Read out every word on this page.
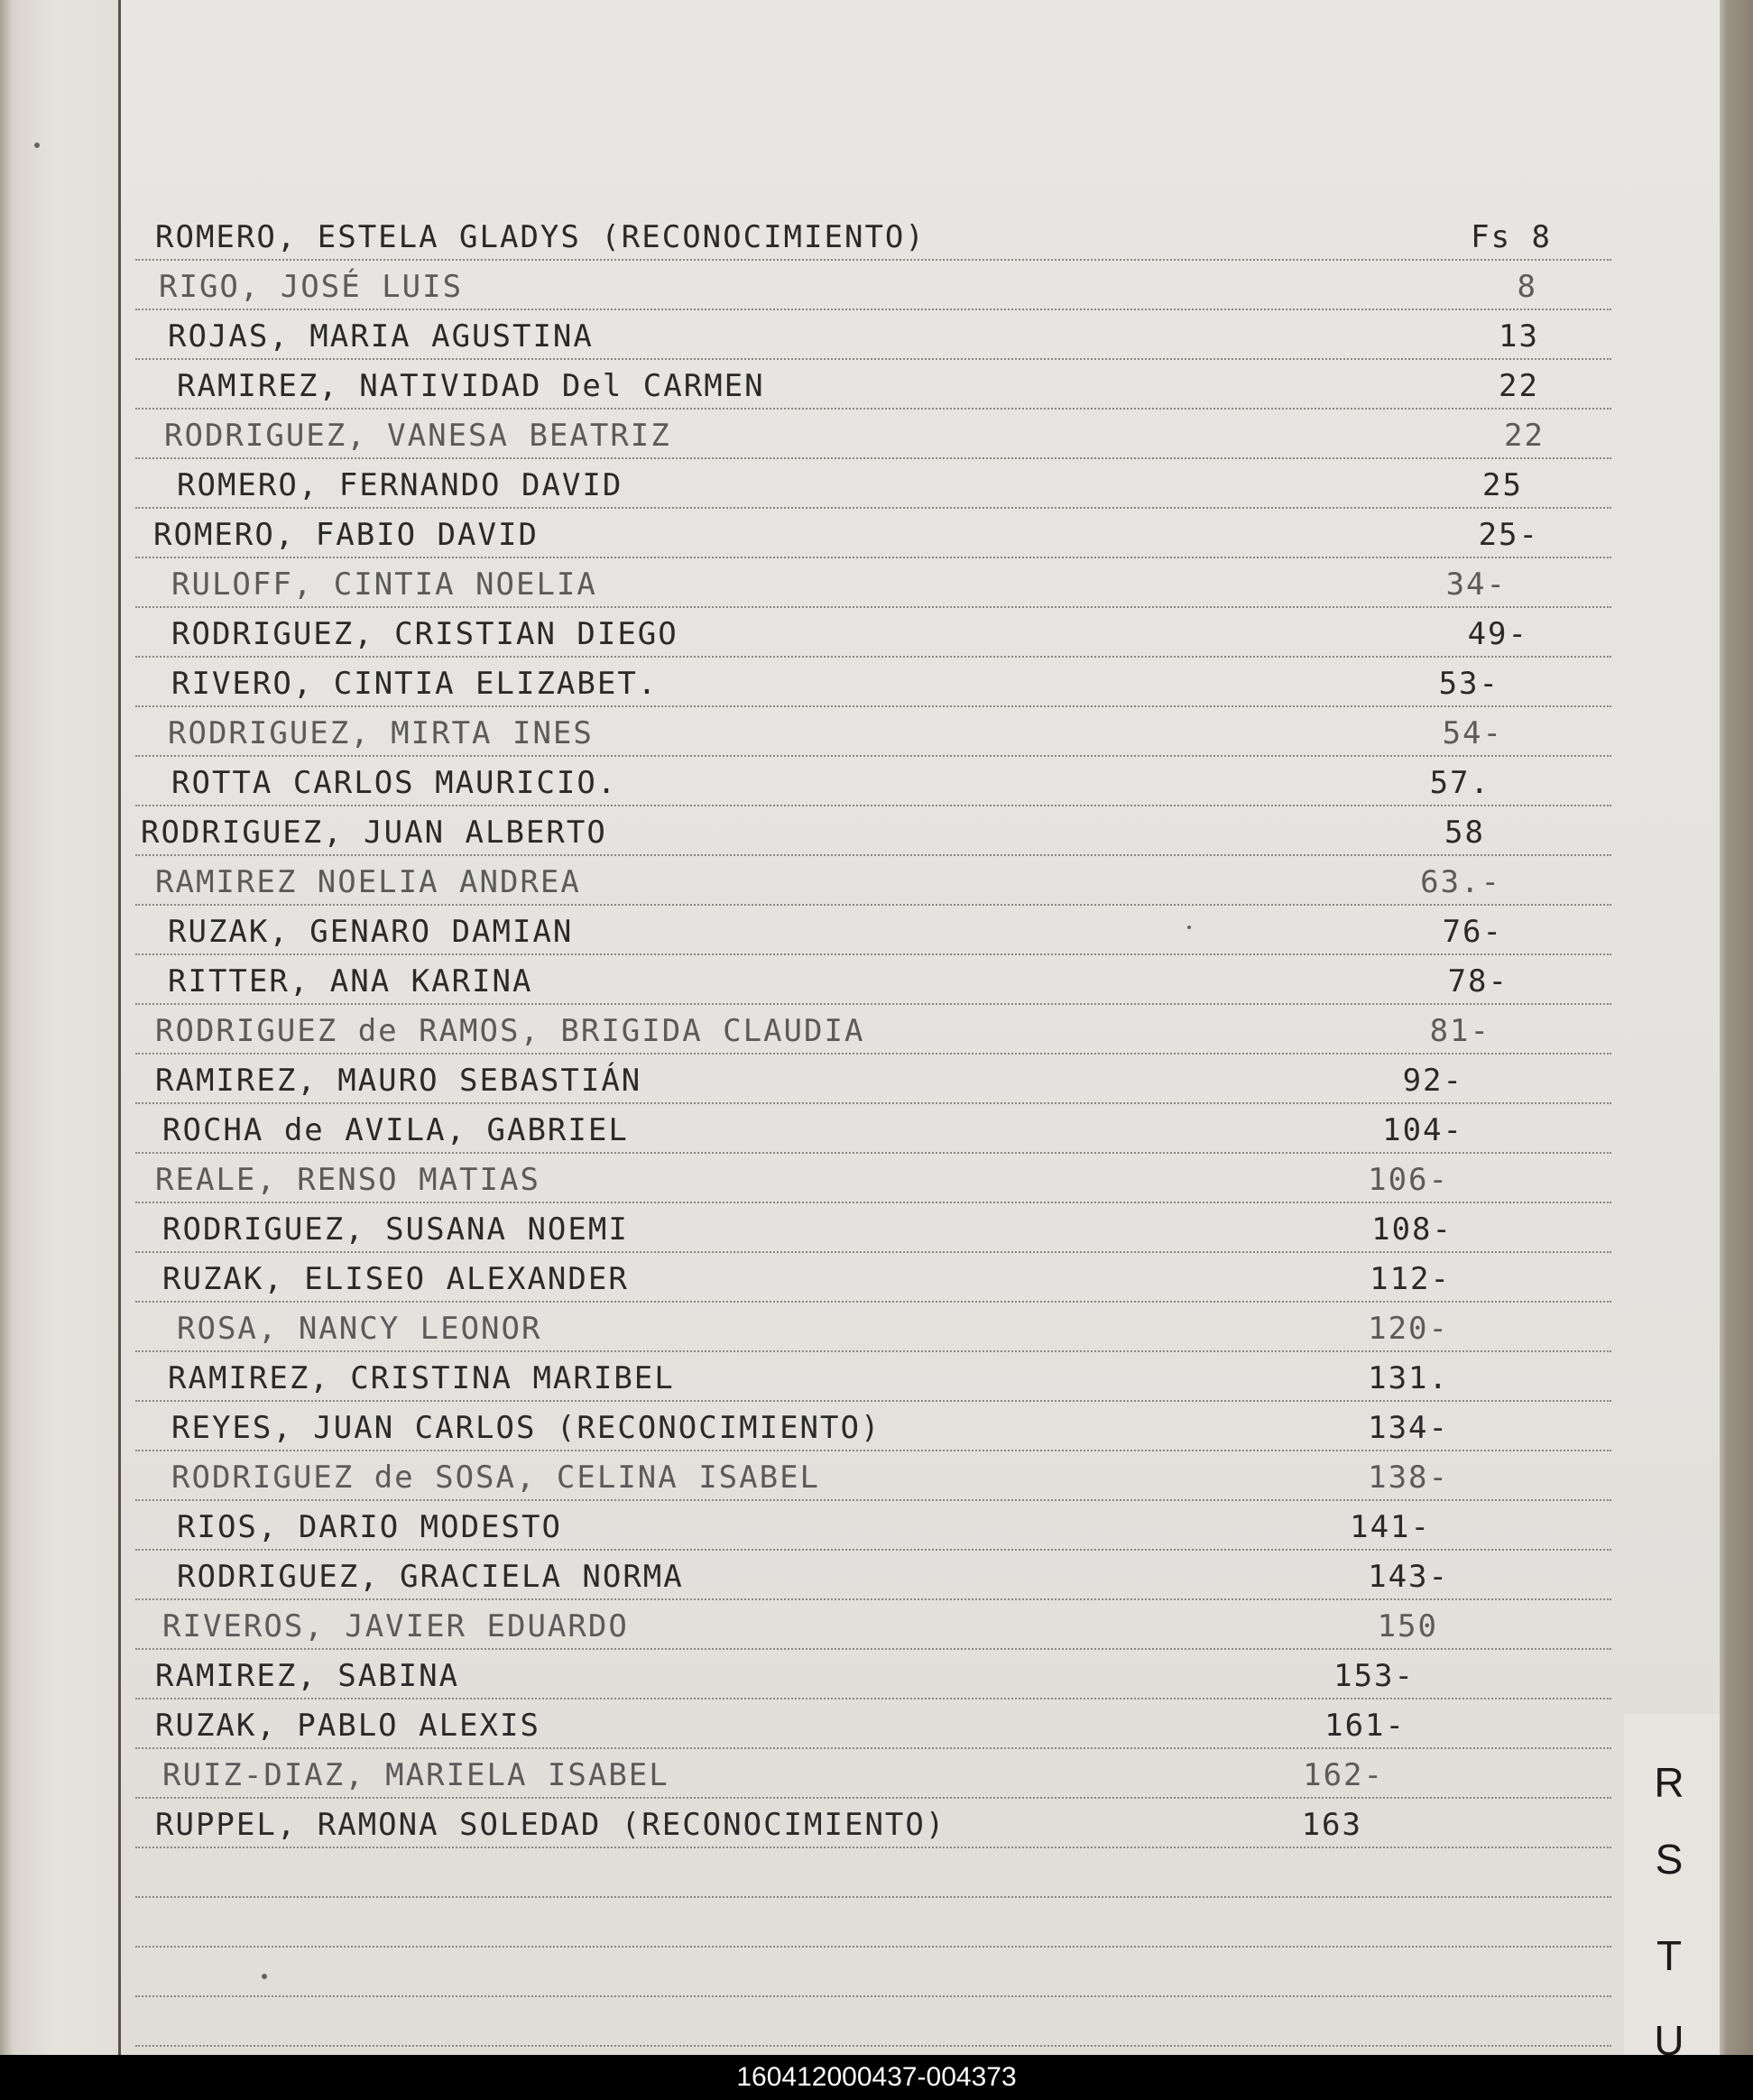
ROMERO, ESTELA GLADYS (RECONOCIMIENTO)	Fs 8
RIGO, JOSÉ LUIS	8
ROJAS, MARIA AGUSTINA	13
RAMIREZ, NATIVIDAD Del CARMEN	22
RODRIGUEZ, VANESA BEATRIZ	22
ROMERO, FERNANDO DAVID	25
ROMERO, FABIO DAVID	25-
RULOFF, CINTIA NOELIA	34-
RODRIGUEZ, CRISTIAN DIEGO	49-
RIVERO, CINTIA ELIZABET.	53-
RODRIGUEZ, MIRTA INES	54-
ROTTA CARLOS MAURICIO.	57.
RODRIGUEZ, JUAN ALBERTO	58
RAMIREZ NOELIA ANDREA	63.-
RUZAK, GENARO DAMIAN	76-
RITTER, ANA KARINA	78-
RODRIGUEZ de RAMOS, BRIGIDA CLAUDIA	81-
RAMIREZ, MAURO SEBASTIÁN	92-
ROCHA de AVILA, GABRIEL	104-
REALE, RENSO MATIAS	106-
RODRIGUEZ, SUSANA NOEMI	108-
RUZAK, ELISEO ALEXANDER	112-
ROSA, NANCY LEONOR	120-
RAMIREZ, CRISTINA MARIBEL	131.
REYES, JUAN CARLOS (RECONOCIMIENTO)	134-
RODRIGUEZ de SOSA, CELINA ISABEL	138-
RIOS, DARIO MODESTO	141-
RODRIGUEZ, GRACIELA NORMA	143-
RIVEROS, JAVIER EDUARDO	150
RAMIREZ, SABINA	153-
RUZAK, PABLO ALEXIS	161-
RUIZ-DIAZ, MARIELA ISABEL	162-
RUPPEL, RAMONA SOLEDAD (RECONOCIMIENTO)	163
R
S
T
U
160412000437-004373
